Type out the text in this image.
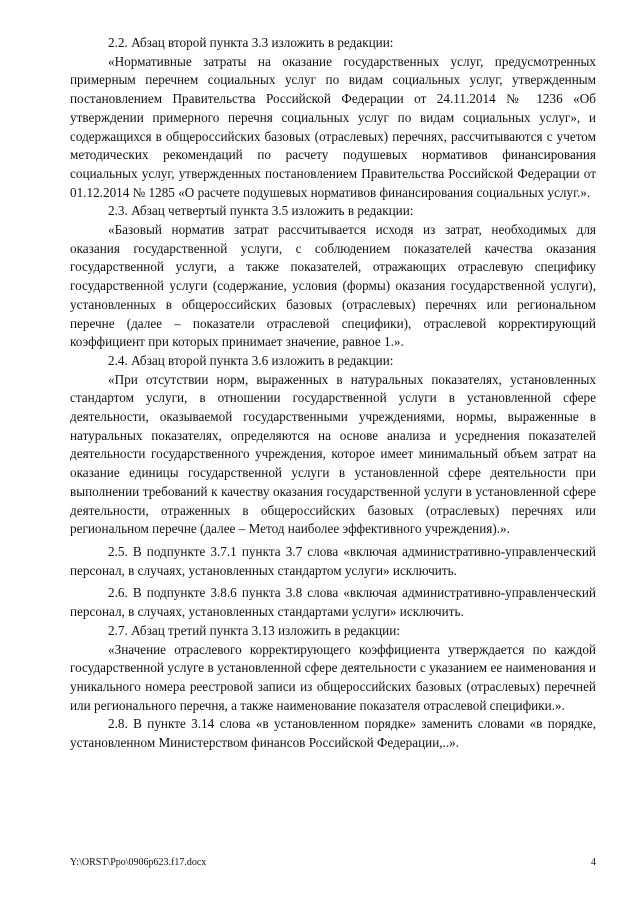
2.2. Абзац второй пункта 3.3 изложить в редакции:

«Нормативные затраты на оказание государственных услуг, предусмотренных примерным перечнем социальных услуг по видам социальных услуг, утвержденным постановлением Правительства Российской Федерации от 24.11.2014 № 1236 «Об утверждении примерного перечня социальных услуг по видам социальных услуг», и содержащихся в общероссийских базовых (отраслевых) перечнях, рассчитываются с учетом методических рекомендаций по расчету подушевых нормативов финансирования социальных услуг, утвержденных постановлением Правительства Российской Федерации от 01.12.2014 № 1285 «О расчете подушевых нормативов финансирования социальных услуг.».

2.3. Абзац четвертый пункта 3.5 изложить в редакции:

«Базовый норматив затрат рассчитывается исходя из затрат, необходимых для оказания государственной услуги, с соблюдением показателей качества оказания государственной услуги, а также показателей, отражающих отраслевую специфику государственной услуги (содержание, условия (формы) оказания государственной услуги), установленных в общероссийских базовых (отраслевых) перечнях или региональном перечне (далее – показатели отраслевой специфики), отраслевой корректирующий коэффициент при которых принимает значение, равное 1.».

2.4. Абзац второй пункта 3.6 изложить в редакции:

«При отсутствии норм, выраженных в натуральных показателях, установленных стандартом услуги, в отношении государственной услуги в установленной сфере деятельности, оказываемой государственными учреждениями, нормы, выраженные в натуральных показателях, определяются на основе анализа и усреднения показателей деятельности государственного учреждения, которое имеет минимальный объем затрат на оказание единицы государственной услуги в установленной сфере деятельности при выполнении требований к качеству оказания государственной услуги в установленной сфере деятельности, отраженных в общероссийских базовых (отраслевых) перечнях или региональном перечне (далее – Метод наиболее эффективного учреждения).».

2.5. В подпункте 3.7.1 пункта 3.7 слова «включая административно-управленческий персонал, в случаях, установленных стандартом услуги» исключить.

2.6. В подпункте 3.8.6 пункта 3.8 слова «включая административно-управленческий персонал, в случаях, установленных стандартами услуги» исключить.

2.7. Абзац третий пункта 3.13 изложить в редакции:

«Значение отраслевого корректирующего коэффициента утверждается по каждой государственной услуге в установленной сфере деятельности с указанием ее наименования и уникального номера реестровой записи из общероссийских базовых (отраслевых) перечней или регионального перечня, а также наименование показателя отраслевой специфики.».

2.8. В пункте 3.14 слова «в установленном порядке» заменить словами «в порядке, установленном Министерством финансов Российской Федерации,..».

Y:\ORST\Ppo\0906p623.f17.docx	4
